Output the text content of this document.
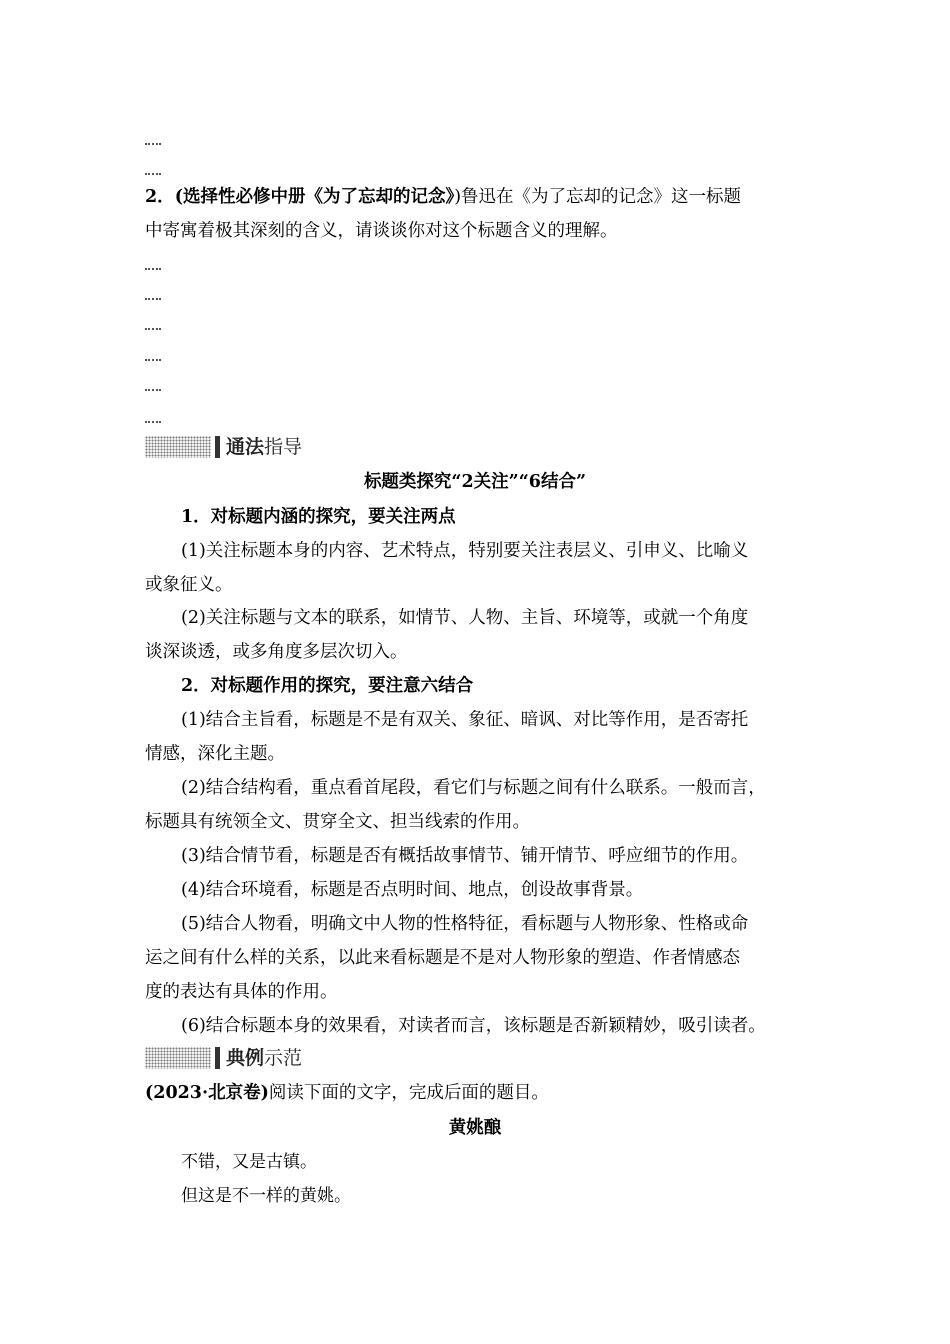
2．(选择性必修中册《为了忘却的记念》)鲁迅在《为了忘却的记念》这一标题
中寄寓着极其深刻的含义，请谈谈你对这个标题含义的理解。
通法指导
标题类探究“2关注”“6结合”
1．对标题内涵的探究，要关注两点
(1)关注标题本身的内容、艺术特点，特别要关注表层义、引申义、比喻义
或象征义。
(2)关注标题与文本的联系，如情节、人物、主旨、环境等，或就一个角度
谈深谈透，或多角度多层次切入。
2．对标题作用的探究，要注意六结合
(1)结合主旨看，标题是不是有双关、象征、暗讽、对比等作用，是否寄托
情感，深化主题。
(2)结合结构看，重点看首尾段，看它们与标题之间有什么联系。一般而言，
标题具有统领全文、贯穿全文、担当线索的作用。
(3)结合情节看，标题是否有概括故事情节、铺开情节、呼应细节的作用。
(4)结合环境看，标题是否点明时间、地点，创设故事背景。
(5)结合人物看，明确文中人物的性格特征，看标题与人物形象、性格或命
运之间有什么样的关系，以此来看标题是不是对人物形象的塑造、作者情感态
度的表达有具体的作用。
(6)结合标题本身的效果看，对读者而言，该标题是否新颖精妙，吸引读者。
典例示范
(2023·北京卷)阅读下面的文字，完成后面的题目。
黄姚酿
不错，又是古镇。
但这是不一样的黄姚。
